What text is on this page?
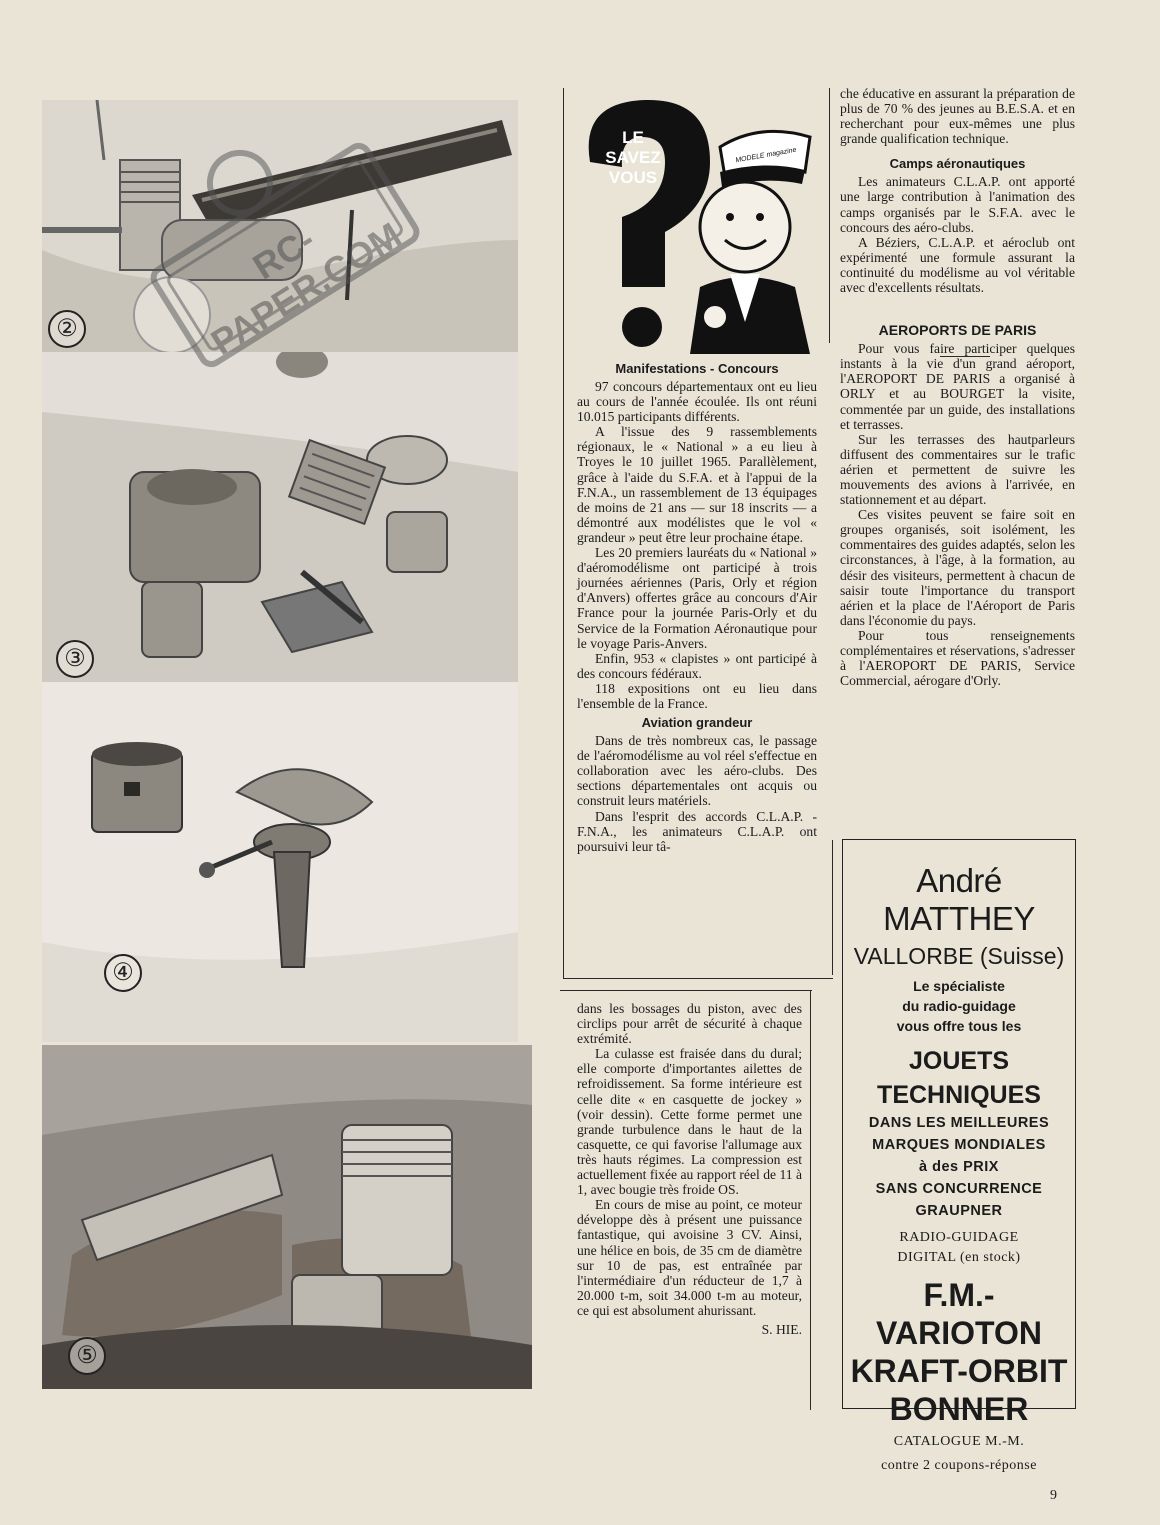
②
③
④
⑤
RC-PAPER.COM
LE SAVEZ VOUS
MODELE magazine
Manifestations - Concours

97 concours départementaux ont eu lieu au cours de l'année écoulée. Ils ont réuni 10.015 participants différents.

A l'issue des 9 rassemblements régionaux, le « National » a eu lieu à Troyes le 10 juillet 1965. Parallèlement, grâce à l'aide du S.F.A. et à l'appui de la F.N.A., un rassemblement de 13 équipages de moins de 21 ans — sur 18 inscrits — a démontré aux modélistes que le vol « grandeur » peut être leur prochaine étape.

Les 20 premiers lauréats du « National » d'aéromodélisme ont participé à trois journées aériennes (Paris, Orly et région d'Anvers) offertes grâce au concours d'Air France pour la journée Paris-Orly et du Service de la Formation Aéronautique pour le voyage Paris-Anvers.

Enfin, 953 « clapistes » ont participé à des concours fédéraux.

118 expositions ont eu lieu dans l'ensemble de la France.

Aviation grandeur

Dans de très nombreux cas, le passage de l'aéromodélisme au vol réel s'effectue en collaboration avec les aéro-clubs. Des sections départementales ont acquis ou construit leurs matériels.

Dans l'esprit des accords C.L.A.P. - F.N.A., les animateurs C.L.A.P. ont poursuivi leur tâ-

che éducative en assurant la préparation de plus de 70 % des jeunes au B.E.S.A. et en recherchant pour eux-mêmes une plus grande qualification technique.

Camps aéronautiques

Les animateurs C.L.A.P. ont apporté une large contribution à l'animation des camps organisés par le S.F.A. avec le concours des aéro-clubs.

A Béziers, C.L.A.P. et aéroclub ont expérimenté une formule assurant la continuité du modélisme au vol véritable avec d'excellents résultats.

AEROPORTS DE PARIS

Pour vous faire participer quelques instants à la vie d'un grand aéroport, l'AEROPORT DE PARIS a organisé à ORLY et au BOURGET la visite, commentée par un guide, des installations et terrasses.

Sur les terrasses des hautparleurs diffusent des commentaires sur le trafic aérien et permettent de suivre les mouvements des avions à l'arrivée, en stationnement et au départ.

Ces visites peuvent se faire soit en groupes organisés, soit isolément, les commentaires des guides adaptés, selon les circonstances, à l'âge, à la formation, au désir des visiteurs, permettent à chacun de saisir toute l'importance du transport aérien et la place de l'Aéroport de Paris dans l'économie du pays.

Pour tous renseignements complémentaires et réservations, s'adresser à l'AEROPORT DE PARIS, Service Commercial, aérogare d'Orly.

dans les bossages du piston, avec des circlips pour arrêt de sécurité à chaque extrémité.

La culasse est fraisée dans du dural; elle comporte d'importantes ailettes de refroidissement. Sa forme intérieure est celle dite « en casquette de jockey » (voir dessin). Cette forme permet une grande turbulence dans le haut de la casquette, ce qui favorise l'allumage aux très hauts régimes. La compression est actuellement fixée au rapport réel de 11 à 1, avec bougie très froide OS.

En cours de mise au point, ce moteur développe dès à présent une puissance fantastique, qui avoisine 3 CV. Ainsi, une hélice en bois, de 35 cm de diamètre sur 10 de pas, est entraînée par l'intermédiaire d'un réducteur de 1,7 à 20.000 t-m, soit 34.000 t-m au moteur, ce qui est absolument ahurissant.

S. HIE.
André MATTHEY
VALLORBE (Suisse)
Le spécialiste
du radio-guidage
vous offre tous les
JOUETS TECHNIQUES
DANS LES MEILLEURES
MARQUES MONDIALES
à des PRIX
SANS CONCURRENCE
GRAUPNER
RADIO-GUIDAGE
DIGITAL (en stock)
F.M.-VARIOTON
KRAFT-ORBIT
BONNER
CATALOGUE M.-M.
contre 2 coupons-réponse
9
